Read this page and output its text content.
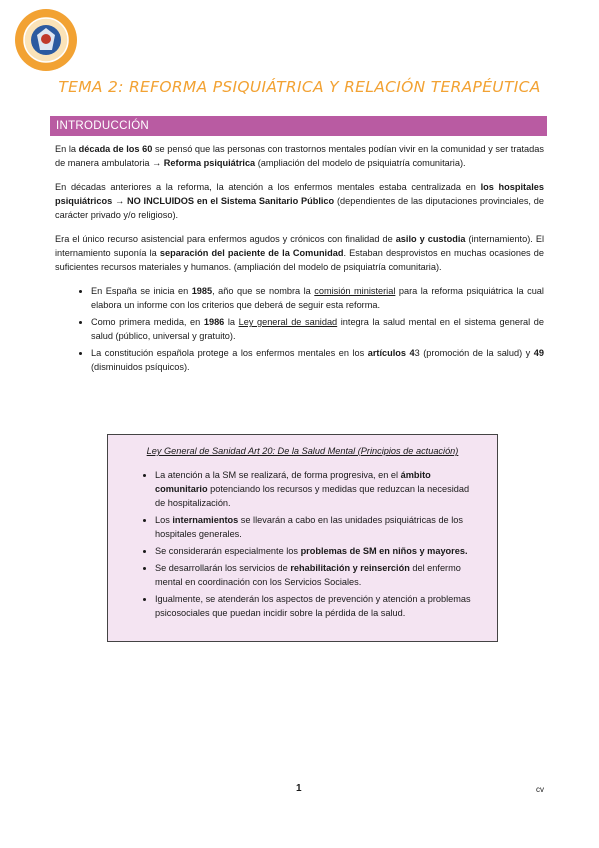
TEMA 2: REFORMA PSIQUIÁTRICA Y RELACIÓN TERAPÉUTICA
INTRODUCCIÓN

En la década de los 60 se pensó que las personas con trastornos mentales podían vivir en la comunidad y ser tratadas de manera ambulatoria → Reforma psiquiátrica (ampliación del modelo de psiquiatría comunitaria).

En décadas anteriores a la reforma, la atención a los enfermos mentales estaba centralizada en los hospitales psiquiátricos → NO INCLUIDOS en el Sistema Sanitario Público (dependientes de las diputaciones provinciales, de carácter privado y/o religioso).

Era el único recurso asistencial para enfermos agudos y crónicos con finalidad de asilo y custodia (internamiento). El internamiento suponía la separación del paciente de la Comunidad. Estaban desprovistos en muchas ocasiones de suficientes recursos materiales y humanos. (ampliación del modelo de psiquiatría comunitaria).

• En España se inicia en 1985, año que se nombra la comisión ministerial para la reforma psiquiátrica la cual elabora un informe con los criterios que deberá de seguir esta reforma.
• Como primera medida, en 1986 la Ley general de sanidad integra la salud mental en el sistema general de salud (público, universal y gratuito).
• La constitución española protege a los enfermos mentales en los artículos 43 (promoción de la salud) y 49 (disminuidos psíquicos).
Ley General de Sanidad Art 20: De la Salud Mental (Principios de actuación)
• La atención a la SM se realizará, de forma progresiva, en el ámbito comunitario potenciando los recursos y medidas que reduzcan la necesidad de hospitalización.
• Los internamientos se llevarán a cabo en las unidades psiquiátricas de los hospitales generales.
• Se considerarán especialmente los problemas de SM en niños y mayores.
• Se desarrollarán los servicios de rehabilitación y reinserción del enfermo mental en coordinación con los Servicios Sociales.
• Igualmente, se atenderán los aspectos de prevención y atención a problemas psicosociales que puedan incidir sobre la pérdida de la salud.
1	cv
